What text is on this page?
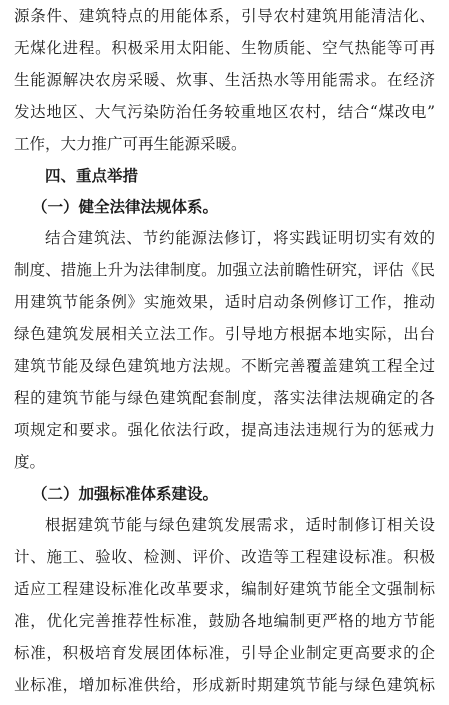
源条件、建筑特点的用能体系，引导农村建筑用能清洁化、
无煤化进程。积极采用太阳能、生物质能、空气热能等可再
生能源解决农房采暖、炊事、生活热水等用能需求。在经济
发达地区、大气污染防治任务较重地区农村，结合“煤改电”
工作，大力推广可再生能源采暖。
四、重点举措
（一）健全法律法规体系。
结合建筑法、节约能源法修订，将实践证明切实有效的
制度、措施上升为法律制度。加强立法前瞻性研究，评估《民
用建筑节能条例》实施效果，适时启动条例修订工作，推动
绿色建筑发展相关立法工作。引导地方根据本地实际，出台
建筑节能及绿色建筑地方法规。不断完善覆盖建筑工程全过
程的建筑节能与绿色建筑配套制度，落实法律法规确定的各
项规定和要求。强化依法行政，提高违法违规行为的惩戒力
度。
（二）加强标准体系建设。
根据建筑节能与绿色建筑发展需求，适时制修订相关设
计、施工、验收、检测、评价、改造等工程建设标准。积极
适应工程建设标准化改革要求，编制好建筑节能全文强制标
准，优化完善推荐性标准，鼓励各地编制更严格的地方节能
标准，积极培育发展团体标准，引导企业制定更高要求的企
业标准，增加标准供给，形成新时期建筑节能与绿色建筑标
